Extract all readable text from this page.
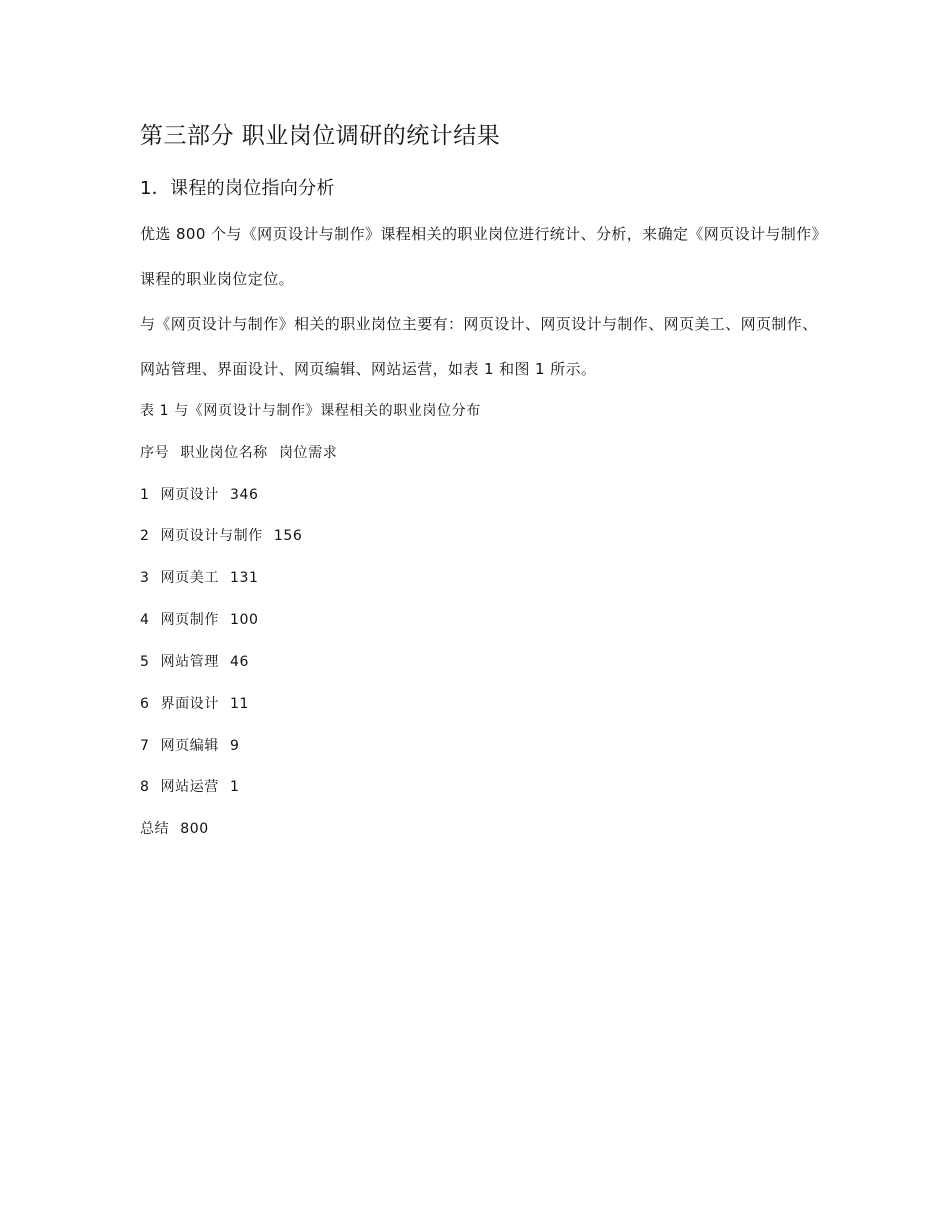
第三部分 职业岗位调研的统计结果
1．课程的岗位指向分析
优选 800 个与《网页设计与制作》课程相关的职业岗位进行统计、分析，来确定《网页设计与制作》课程的职业岗位定位。
与《网页设计与制作》相关的职业岗位主要有：网页设计、网页设计与制作、网页美工、网页制作、网站管理、界面设计、网页编辑、网站运营，如表 1 和图 1 所示。
表 1 与《网页设计与制作》课程相关的职业岗位分布
序号 职业岗位名称 岗位需求
1 网页设计 346
2 网页设计与制作 156
3 网页美工 131
4 网页制作 100
5 网站管理 46
6 界面设计 11
7 网页编辑 9
8 网站运营 1
总结 800
